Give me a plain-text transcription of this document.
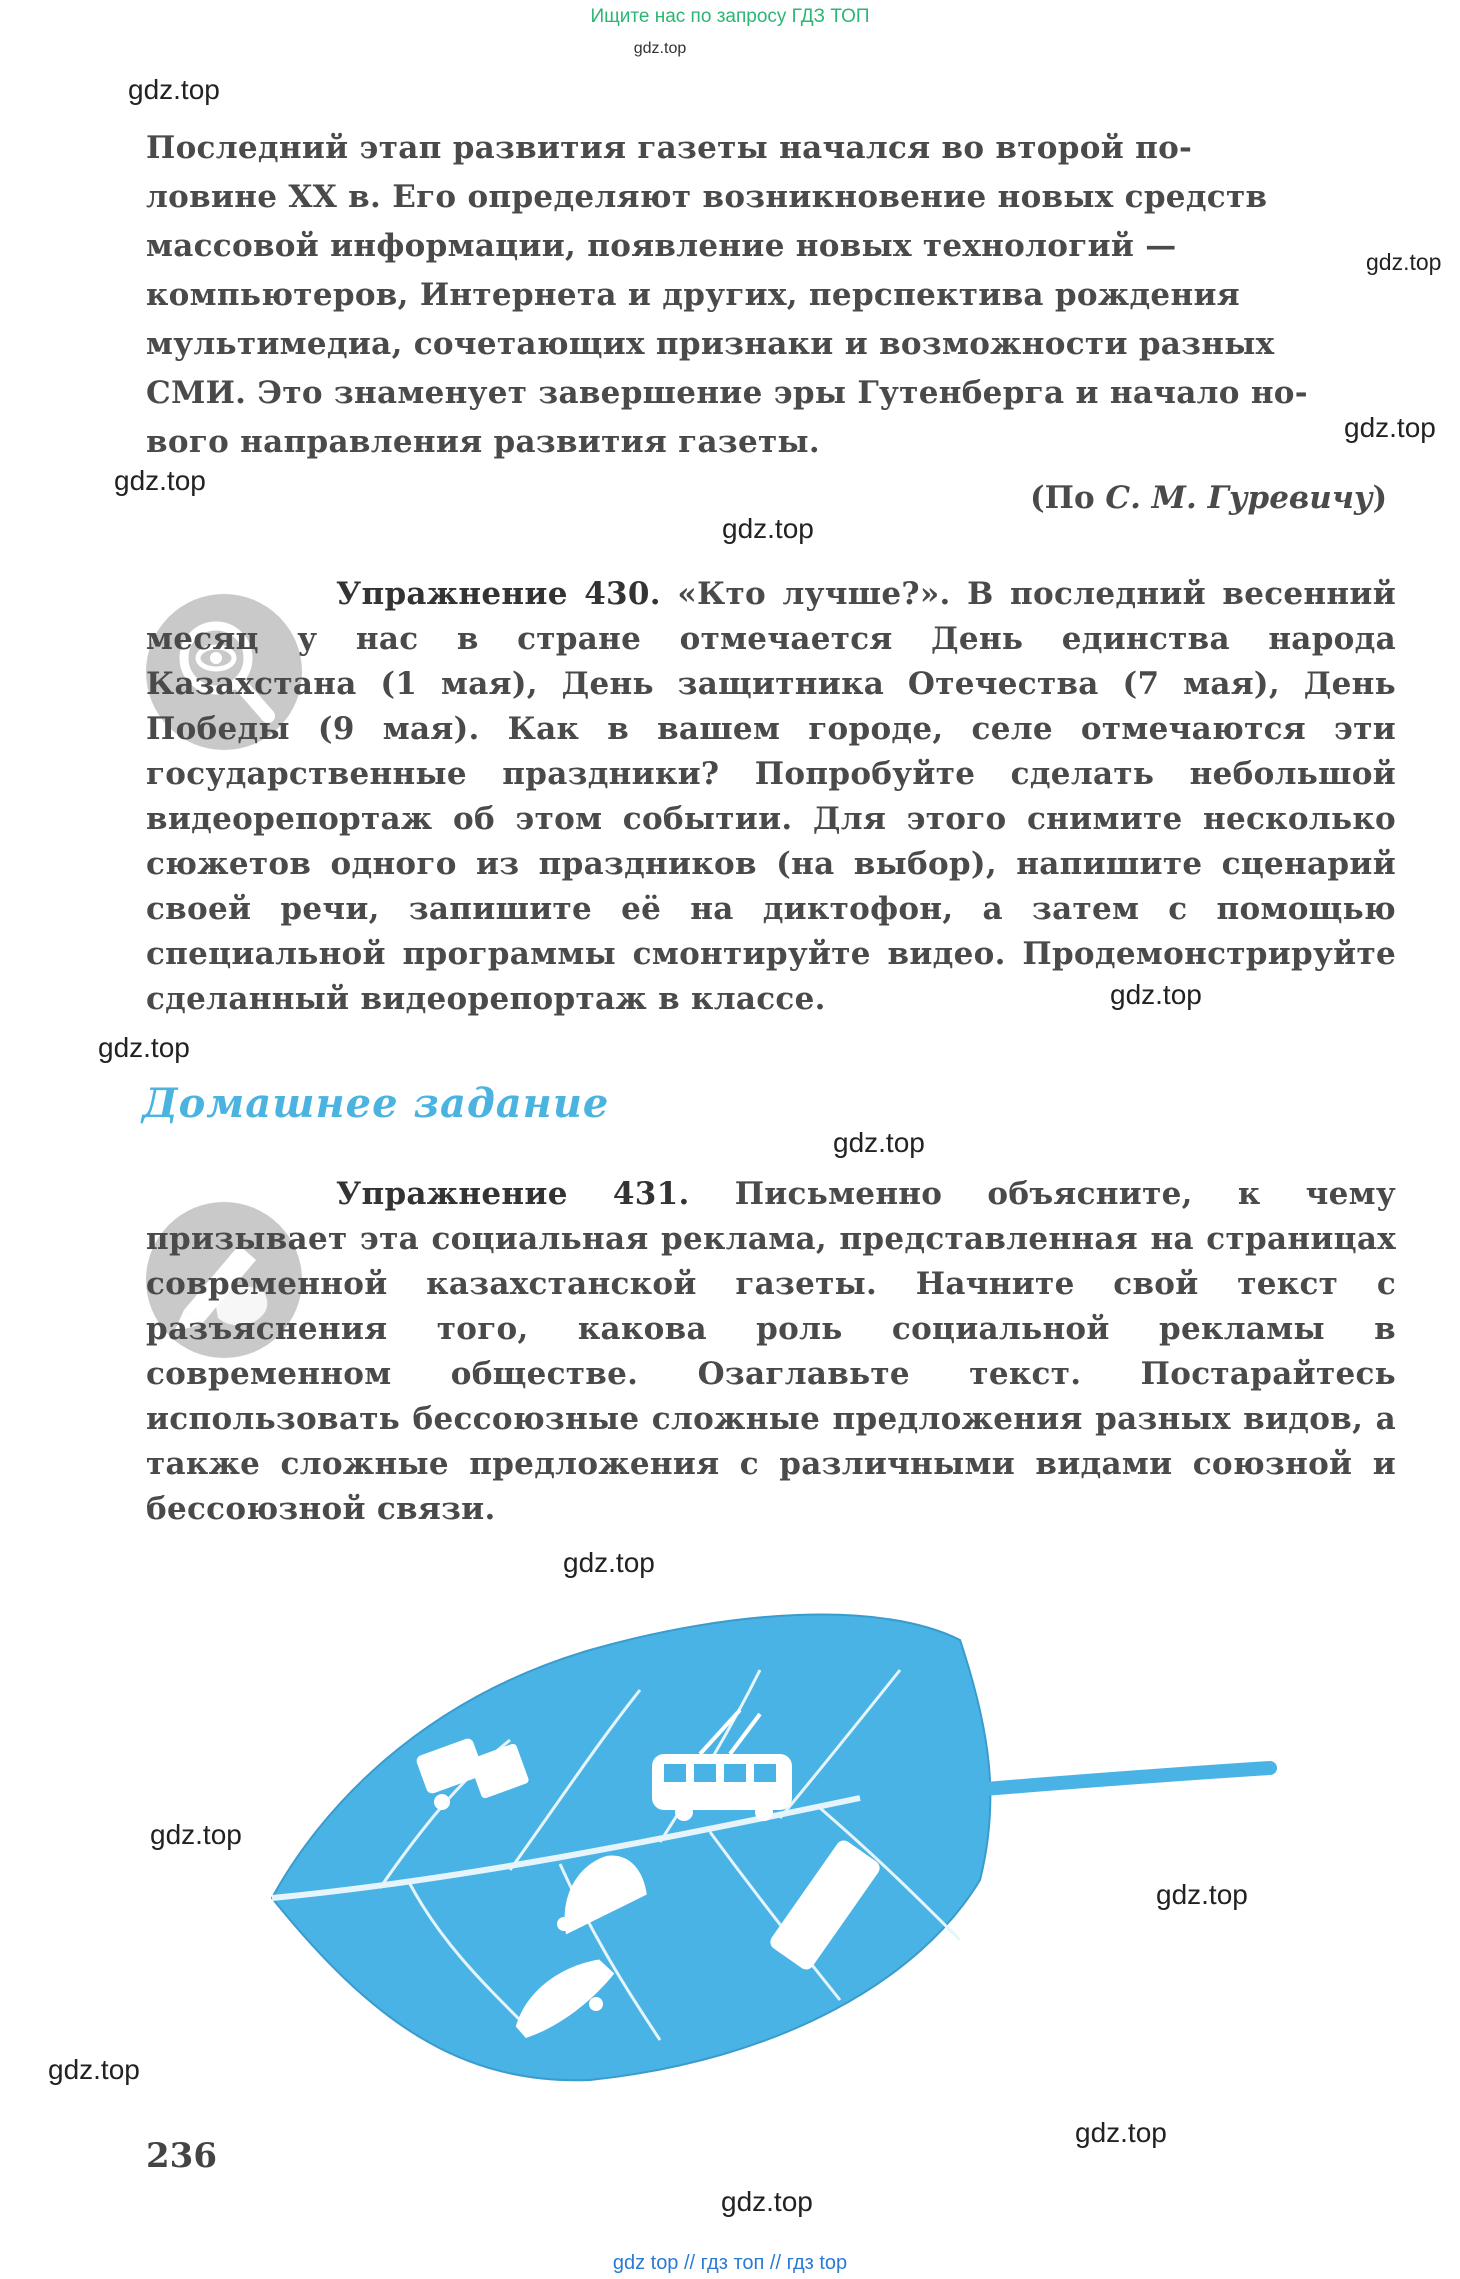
Ищите нас по запросу ГДЗ ТОП
gdz.top
gdz.top
gdz.top
gdz.top
gdz.top
gdz.top
gdz.top
gdz.top
gdz.top
gdz.top
gdz.top
gdz.top
gdz.top
gdz.top
gdz.top

Последний этап развития газеты начался во второй по-

ловине XX в. Его определяют возникновение новых средств

массовой информации, появление новых технологий —

компьютеров, Интернета и других, перспектива рождения

мультимедиа, сочетающих признаки и возможности разных

СМИ. Это знаменует завершение эры Гутенберга и начало но-

вого направления развития газеты.

(По С. М. Гуревичу)

Упражнение 430. «Кто лучше?». В последний весенний месяц у нас в стране отмечается День единства народа Казахстана (1 мая), День защитника Отечества (7 мая), День Победы (9 мая). Как в вашем городе, селе отмечаются эти государственные праздники? Попробуйте сделать небольшой видеорепортаж об этом событии. Для этого снимите несколько сюжетов одного из праздников (на выбор), напишите сценарий своей речи, запишите её на диктофон, а затем с помощью специальной программы смонтируйте видео. Продемонстрируйте сделанный видеорепортаж в классе.

Домашнее задание

Упражнение 431. Письменно объясните, к чему призывает эта социальная реклама, представленная на страницах современной казахстанской газеты. Начните свой текст с разъяснения того, какова роль социальной рекламы в современном обществе. Озаглавьте текст. Постарайтесь использовать бессоюзные сложные предложения разных видов, а также сложные предложения с различными видами союзной и бессоюзной связи.

236
gdz top // гдз топ // гдз top
